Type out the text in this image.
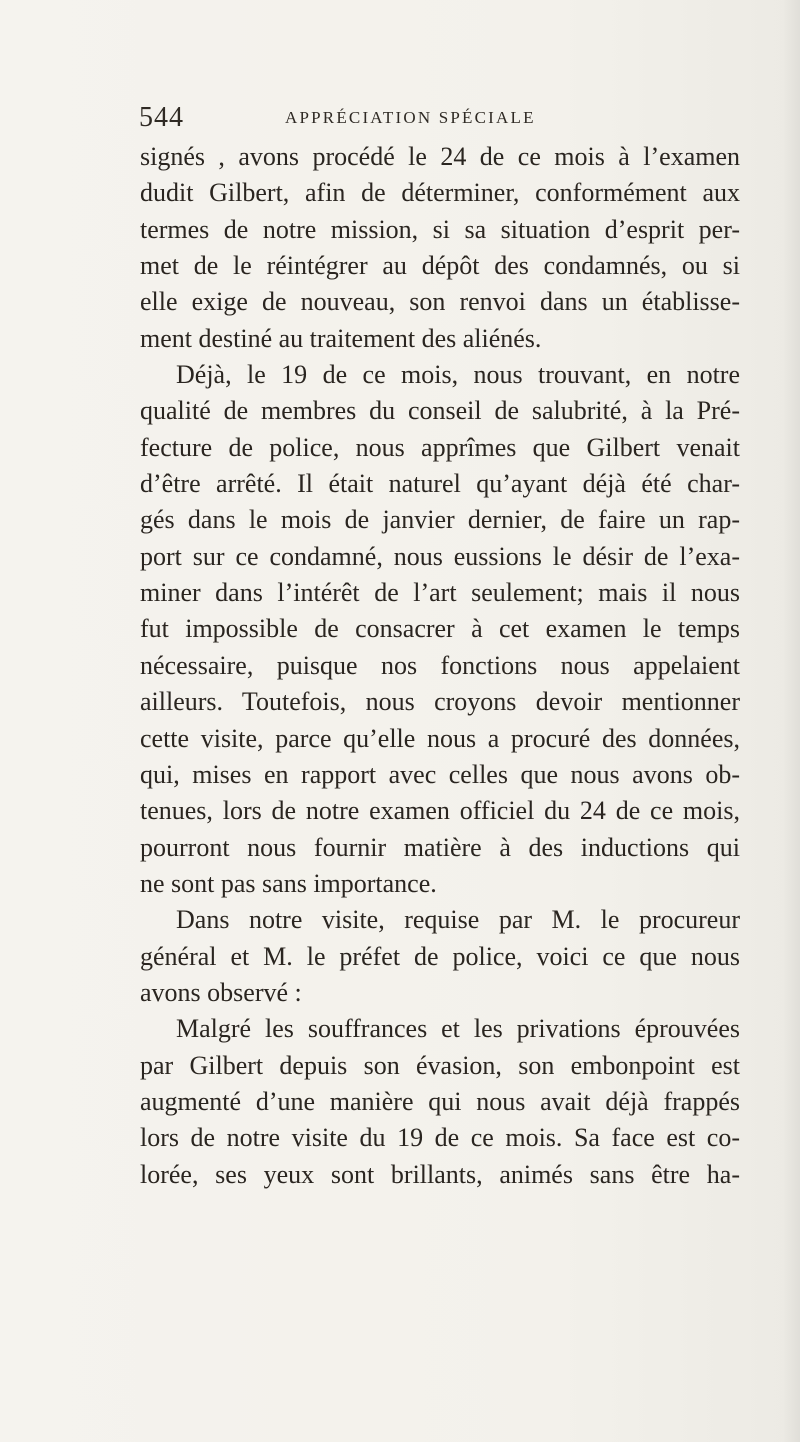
544	APPRÉCIATION SPÉCIALE
signés , avons procédé le 24 de ce mois à l’examen
dudit Gilbert, afin de déterminer, conformément aux
termes de notre mission, si sa situation d’esprit per-
met de le réintégrer au dépôt des condamnés, ou si
elle exige de nouveau, son renvoi dans un établisse-
ment destiné au traitement des aliénés.
Déjà, le 19 de ce mois, nous trouvant, en notre
qualité de membres du conseil de salubrité, à la Pré-
fecture de police, nous apprîmes que Gilbert venait
d’être arrêté. Il était naturel qu’ayant déjà été char-
gés dans le mois de janvier dernier, de faire un rap-
port sur ce condamné, nous eussions le désir de l’exa-
miner dans l’intérêt de l’art seulement; mais il nous
fut impossible de consacrer à cet examen le temps
nécessaire, puisque nos fonctions nous appelaient
ailleurs. Toutefois, nous croyons devoir mentionner
cette visite, parce qu’elle nous a procuré des données,
qui, mises en rapport avec celles que nous avons ob-
tenues, lors de notre examen officiel du 24 de ce mois,
pourront nous fournir matière à des inductions qui
ne sont pas sans importance.
Dans notre visite, requise par M. le procureur
général et M. le préfet de police, voici ce que nous
avons observé :
Malgré les souffrances et les privations éprouvées
par Gilbert depuis son évasion, son embonpoint est
augmenté d’une manière qui nous avait déjà frappés
lors de notre visite du 19 de ce mois. Sa face est co-
lorée, ses yeux sont brillants, animés sans être ha-
